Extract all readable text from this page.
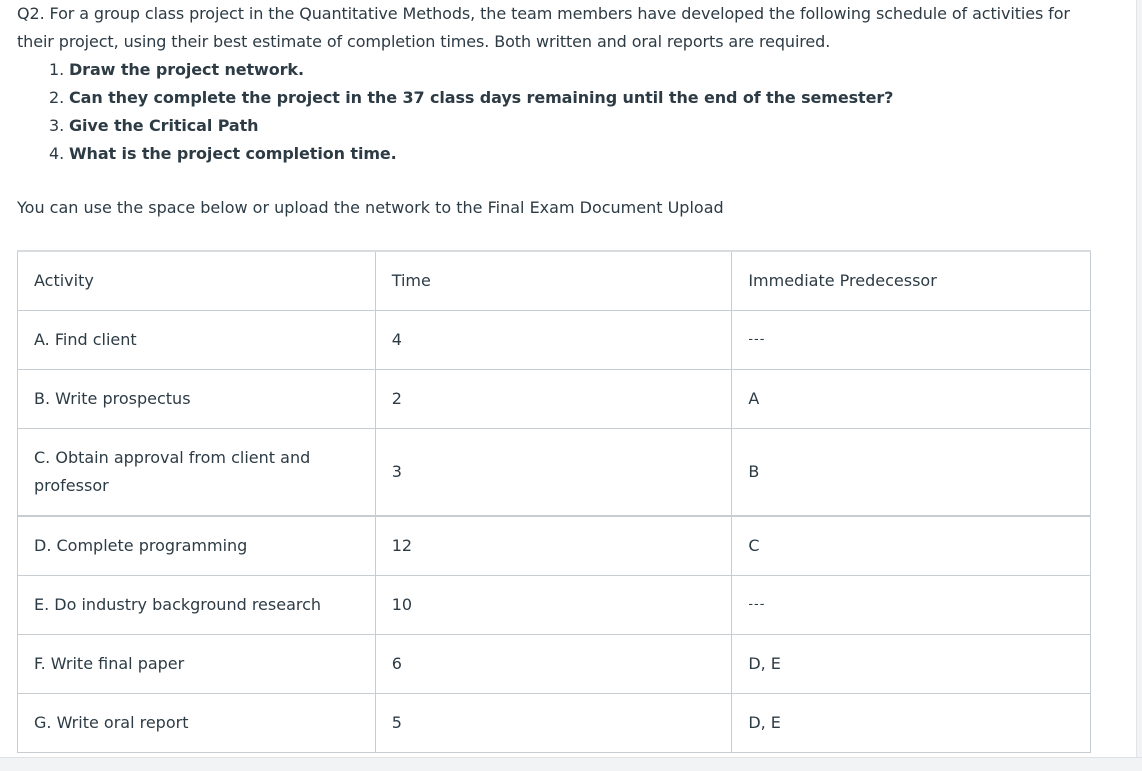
Q2. For a group class project in the Quantitative Methods, the team members have developed the following schedule of activities for their project, using their best estimate of completion times. Both written and oral reports are required.

1. Draw the project network.
2. Can they complete the project in the 37 class days remaining until the end of the semester?
3. Give the Critical Path
4. What is the project completion time.
You can use the space below or upload the network to the Final Exam Document Upload
Activity	Time	Immediate Predecessor
A. Find client	4	---
B. Write prospectus	2	A
C. Obtain approval from client and professor	3	B
D. Complete programming	12	C
E. Do industry background research	10	---
F. Write final paper	6	D, E
G. Write oral report	5	D, E
